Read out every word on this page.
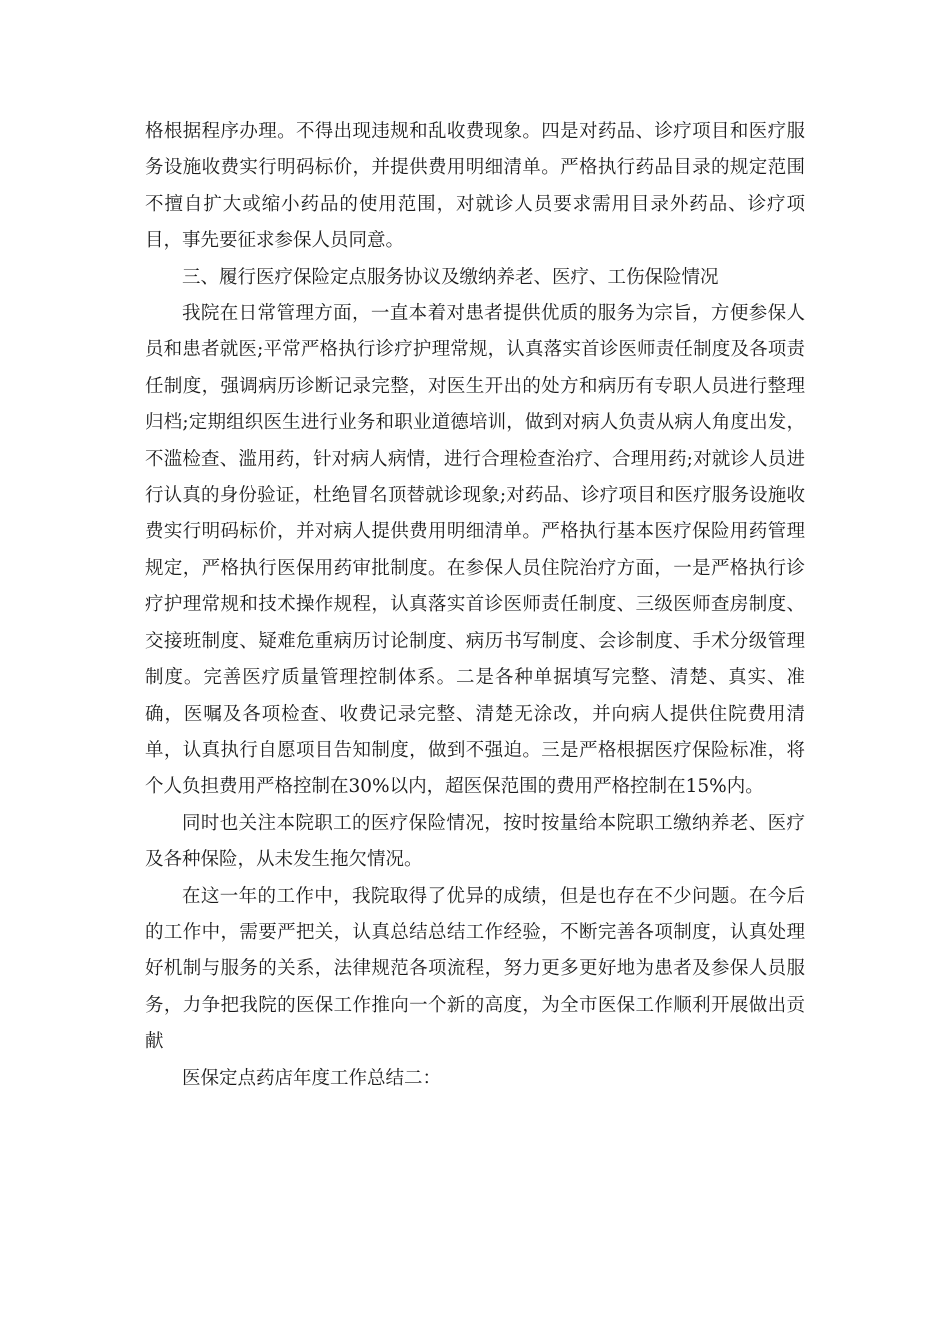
格根据程序办理。不得出现违规和乱收费现象。四是对药品、诊疗项目和医疗服务设施收费实行明码标价，并提供费用明细清单。严格执行药品目录的规定范围不擅自扩大或缩小药品的使用范围，对就诊人员要求需用目录外药品、诊疗项目，事先要征求参保人员同意。

三、履行医疗保险定点服务协议及缴纳养老、医疗、工伤保险情况

我院在日常管理方面，一直本着对患者提供优质的服务为宗旨，方便参保人员和患者就医;平常严格执行诊疗护理常规，认真落实首诊医师责任制度及各项责任制度，强调病历诊断记录完整，对医生开出的处方和病历有专职人员进行整理归档;定期组织医生进行业务和职业道德培训，做到对病人负责从病人角度出发，不滥检查、滥用药，针对病人病情，进行合理检查治疗、合理用药;对就诊人员进行认真的身份验证，杜绝冒名顶替就诊现象;对药品、诊疗项目和医疗服务设施收费实行明码标价，并对病人提供费用明细清单。严格执行基本医疗保险用药管理规定，严格执行医保用药审批制度。在参保人员住院治疗方面，一是严格执行诊疗护理常规和技术操作规程，认真落实首诊医师责任制度、三级医师查房制度、交接班制度、疑难危重病历讨论制度、病历书写制度、会诊制度、手术分级管理制度。完善医疗质量管理控制体系。二是各种单据填写完整、清楚、真实、准确，医嘱及各项检查、收费记录完整、清楚无涂改，并向病人提供住院费用清单，认真执行自愿项目告知制度，做到不强迫。三是严格根据医疗保险标准，将个人负担费用严格控制在30%以内，超医保范围的费用严格控制在15%内。

同时也关注本院职工的医疗保险情况，按时按量给本院职工缴纳养老、医疗及各种保险，从未发生拖欠情况。

在这一年的工作中，我院取得了优异的成绩，但是也存在不少问题。在今后的工作中，需要严把关，认真总结总结工作经验，不断完善各项制度，认真处理好机制与服务的关系，法律规范各项流程，努力更多更好地为患者及参保人员服务，力争把我院的医保工作推向一个新的高度，为全市医保工作顺利开展做出贡献

医保定点药店年度工作总结二：
